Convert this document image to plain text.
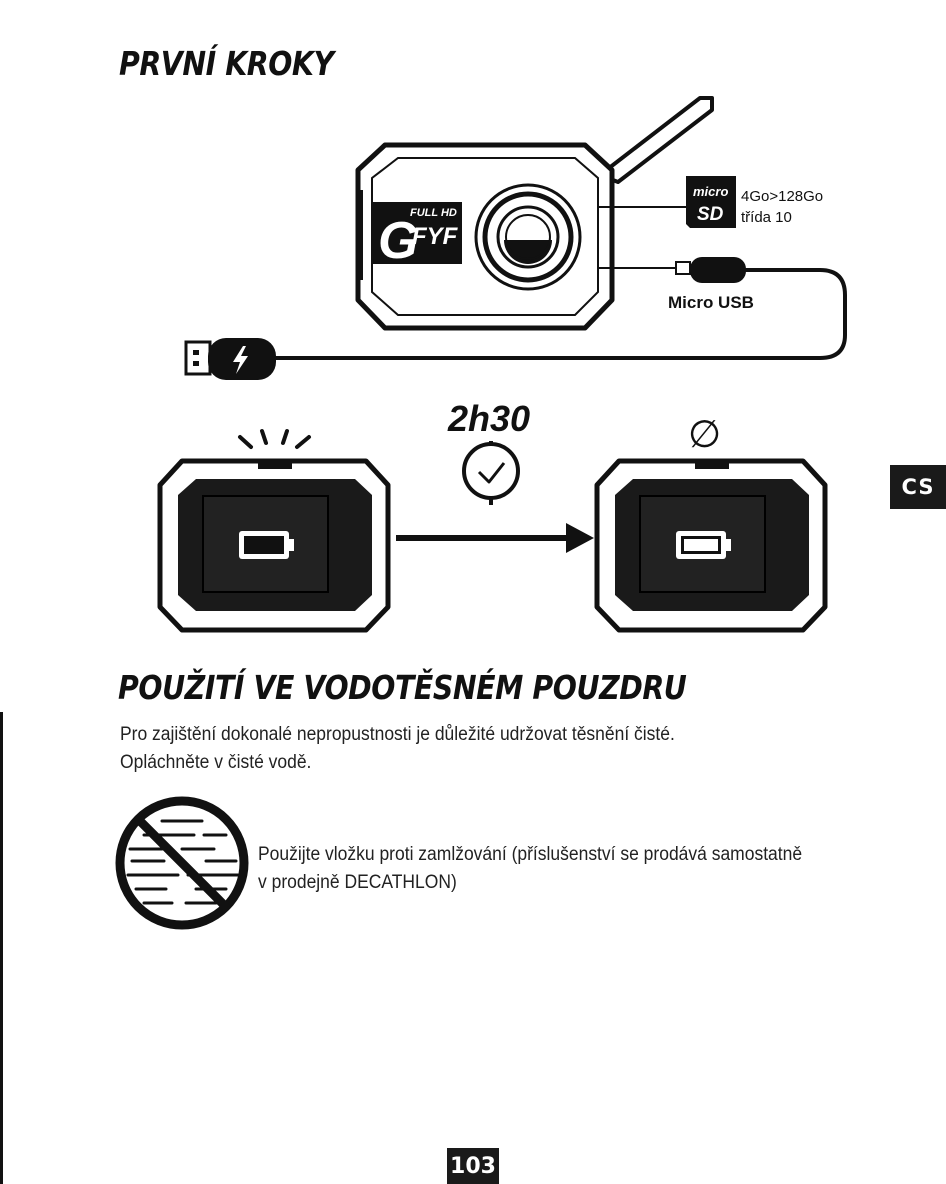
PRVNÍ KROKY
G
FULL HD
FYF
micro
SD
4Go>128Go
třída 10
Micro USB
2h30	∅
CS
POUŽITÍ VE VODOTĚSNÉM POUZDRU
Pro zajištění dokonalé nepropustnosti je důležité udržovat těsnění čisté.
Opláchněte v čisté vodě.
Použijte vložku proti zamlžování (příslušenství se prodává samostatně
v prodejně DECATHLON)
103
